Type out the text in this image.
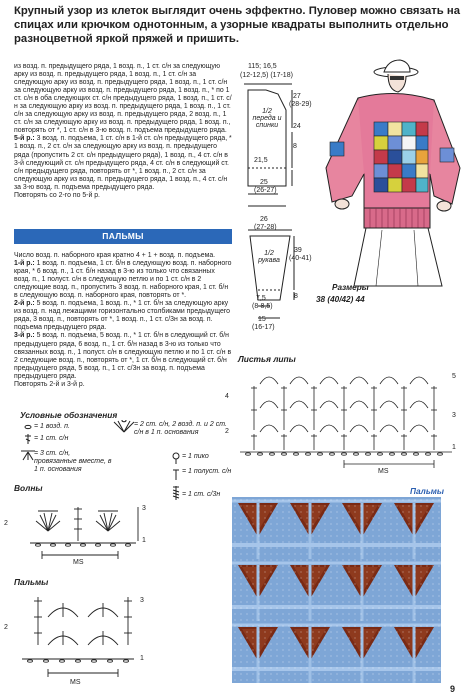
Крупный узор из клеток выглядит очень эффектно. Пуловер можно связать на спицах или крючком однотонным, а узорные квадраты выполнить отдельно разноцветной яркой пряжей и пришить.

из возд. п. предыдущего ряда, 1 возд. п., 1 ст. с/н за следующую арку из возд. п. предыдущего ряда, 1 возд. п., 1 ст. с/н за следующую арку из возд. п. предыдущего ряда, 1 возд. п., 1 ст. с/н за следующую арку из возд. п. предыдущего ряда, 1 возд. п., * по 1 ст. с/н в оба следующих ст. с/н предыдущего ряда, 1 возд. п., 1 ст. с/н за следующую арку из возд. п. предыдущего ряда, 1 возд. п., 1 ст. с/н за следующую арку из возд. п. предыдущего ряда, 2 возд. п., 1 ст. с/н за следующую арку из возд. п. предыдущего ряда, 1 возд. п., повторять от *, 1 ст. с/н в 3-ю возд. п. подъема предыдущего ряда.

5-й р.: 3 возд. п. подъема, 1 ст. с/н в 1-й ст. с/н предыдущего ряда, * 1 возд. п., 2 ст. с/н за следующую арку из возд. п. предыдущего ряда (пропустить 2 ст. с/н предыдущего ряда), 1 возд. п., 4 ст. с/н в 3-й следующий ст. с/н предыдущего ряда, 4 ст. с/н в следующий ст. с/н предыдущего ряда, повторять от *, 1 возд. п., 2 ст. с/н за следующую арку из возд. п. предыдущего ряда, 1 возд. п., 4 ст. с/н за 3-ю возд. п. подъема предыдущего ряда.

Повторять со 2-го по 5-й р.

ПАЛЬМЫ

Число возд. п. наборного края кратно 4 + 1 + возд. п. подъема.

1-й р.: 1 возд. п. подъема, 1 ст. б/н в следующую возд. п. наборного края, * 6 возд. п., 1 ст. б/н назад в 3-ю из только что связанных возд. п., 1 полуст. с/н в следующую петлю и по 1 ст. с/н в 2 следующие возд. п., пропустить 3 возд. п. наборного края, 1 ст. б/н в следующую возд. п. наборного края, повторять от *.

2-й р.: 5 возд. п. подъема, 1 возд. п., * 1 ст. б/н за следующую арку из возд. п. над лежащими горизонтально столбиками предыдущего ряда, 3 возд. п., повторять от *, 1 возд. п., 1 ст. с/3н за возд. п. подъема предыдущего ряда.

3-й р.: 5 возд. п. подъема, 5 возд. п., * 1 ст. б/н в следующий ст. б/н предыдущего ряда, 6 возд. п., 1 ст. б/н назад в 3-ю из только что связанных возд. п., 1 полуст. с/н в следующую петлю и по 1 ст. с/н в 2 следующие возд. п., повторять от *, 1 ст. б/н в следующий ст. б/н предыдущего ряда, 5 возд. п., 1 ст. с/3н за возд. п. подъема предыдущего ряда.

Повторять 2-й и 3-й р.

Условные обозначения
= 1 возд. п.
= 1 ст. с/н
= 3 ст. с/н, провязанные вместе, в 1 п. основания
= 2 ст. с/н, 2 возд. п. и 2 ст. с/н в 1 п. основания
= 1 пико
= 1 полуст. с/н
= 1 ст. с/3н
Волны
MS
3
2
1
Пальмы
MS
3
2
1
115; 16,5
(12-12,5) (17-18)
27
(28-29)
24
8
1/2 переда и спинки
21,5
25
(26-27)
26
(27-28)
39
(40-41)
1/2 рукава
8
7,5
(8-8,5)
15
(16-17)
Размеры
38 (40/42) 44
Листья липы
MS
5
4
3
2
1
Пальмы
9
